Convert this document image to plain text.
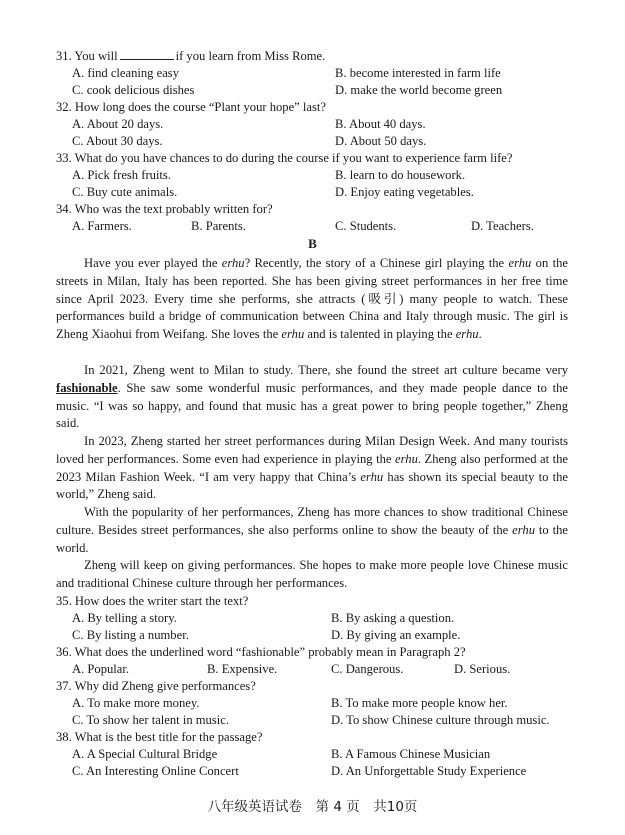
31. You will	if you learn from Miss Rome.
A. find cleaning easy	B. become interested in farm life
C. cook delicious dishes	D. make the world become green
32. How long does the course “Plant your hope” last?
A. About 20 days.	B. About 40 days.
C. About 30 days.	D. About 50 days.
33. What do you have chances to do during the course if you want to experience farm life?
A. Pick fresh fruits.	B. learn to do housework.
C. Buy cute animals.	D. Enjoy eating vegetables.
34. Who was the text probably written for?
A. Farmers.	B. Parents.	C. Students.	D. Teachers.
B
Have you ever played the erhu? Recently, the story of a Chinese girl playing the erhu on the streets in Milan, Italy has been reported. She has been giving street performances in her free time since April 2023. Every time she performs, she attracts (吸引) many people to watch. These performances build a bridge of communication between China and Italy through music. The girl is Zheng Xiaohui from Weifang. She loves the erhu and is talented in playing the erhu.
In 2021, Zheng went to Milan to study. There, she found the street art culture became very fashionable. She saw some wonderful music performances, and they made people dance to the music. “I was so happy, and found that music has a great power to bring people together,” Zheng said.
In 2023, Zheng started her street performances during Milan Design Week. And many tourists loved her performances. Some even had experience in playing the erhu. Zheng also performed at the 2023 Milan Fashion Week. “I am very happy that China’s erhu has shown its special beauty to the world,” Zheng said.
With the popularity of her performances, Zheng has more chances to show traditional Chinese culture. Besides street performances, she also performs online to show the beauty of the erhu to the world.
Zheng will keep on giving performances. She hopes to make more people love Chinese music and traditional Chinese culture through her performances.
35. How does the writer start the text?
A. By telling a story.	B. By asking a question.
C. By listing a number.	D. By giving an example.
36. What does the underlined word “fashionable” probably mean in Paragraph 2?
A. Popular.	B. Expensive.	C. Dangerous.	D. Serious.
37. Why did Zheng give performances?
A. To make more money.	B. To make more people know her.
C. To show her talent in music.	D. To show Chinese culture through music.
38. What is the best title for the passage?
A. A Special Cultural Bridge	B. A Famous Chinese Musician
C. An Interesting Online Concert	D. An Unforgettable Study Experience
八年级英语试卷　第 4 页　共10页
